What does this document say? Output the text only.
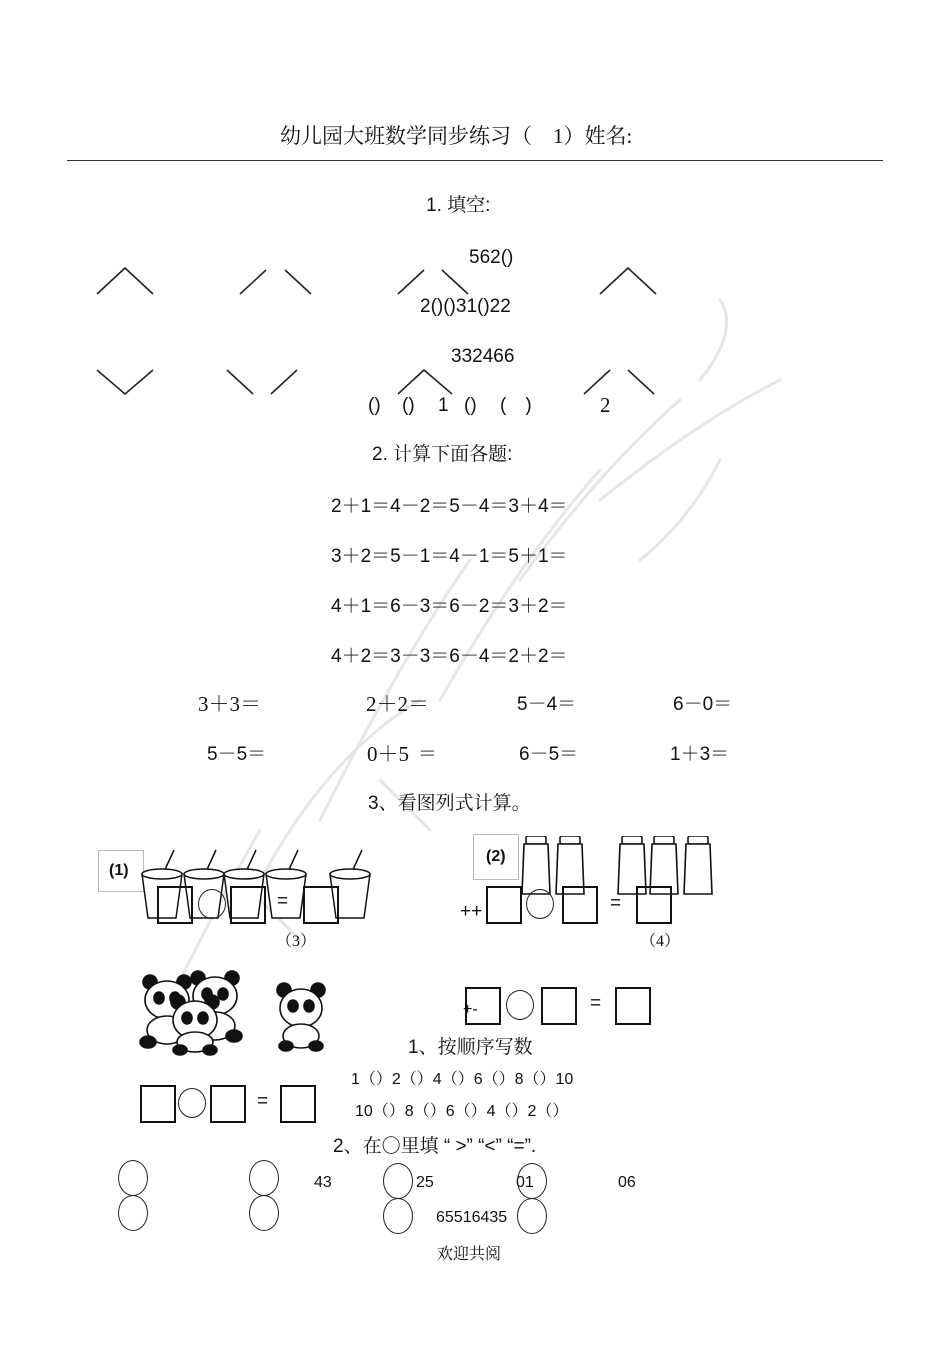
幼儿园大班数学同步练习（　1）姓名:
1. 填空:
562()
2()()31()22
332466
() () 1 () (　)	2
2. 计算下面各题:
2＋1＝4－2＝5－4＝3＋4＝
3＋2＝5－1＝4－1＝5＋1＝
4＋1＝6－3＝6－2＝3＋2＝
4＋2＝3－3＝6－4＝2＋2＝
3＋3＝	2＋2＝	5－4＝	6－0＝
5－5＝	0＋5 ＝	6－5＝	1＋3＝
3、看图列式计算。
(1)
=
(2)
++	=
（3）	（4）
+-	=
1、按顺序写数
1（）2（）4（）6（）8（）10
10（）8（）6（）4（）2（）
=
2、在〇里填 “ >” “<” “=”.
43	25	01	06
65516435
欢迎共阅
